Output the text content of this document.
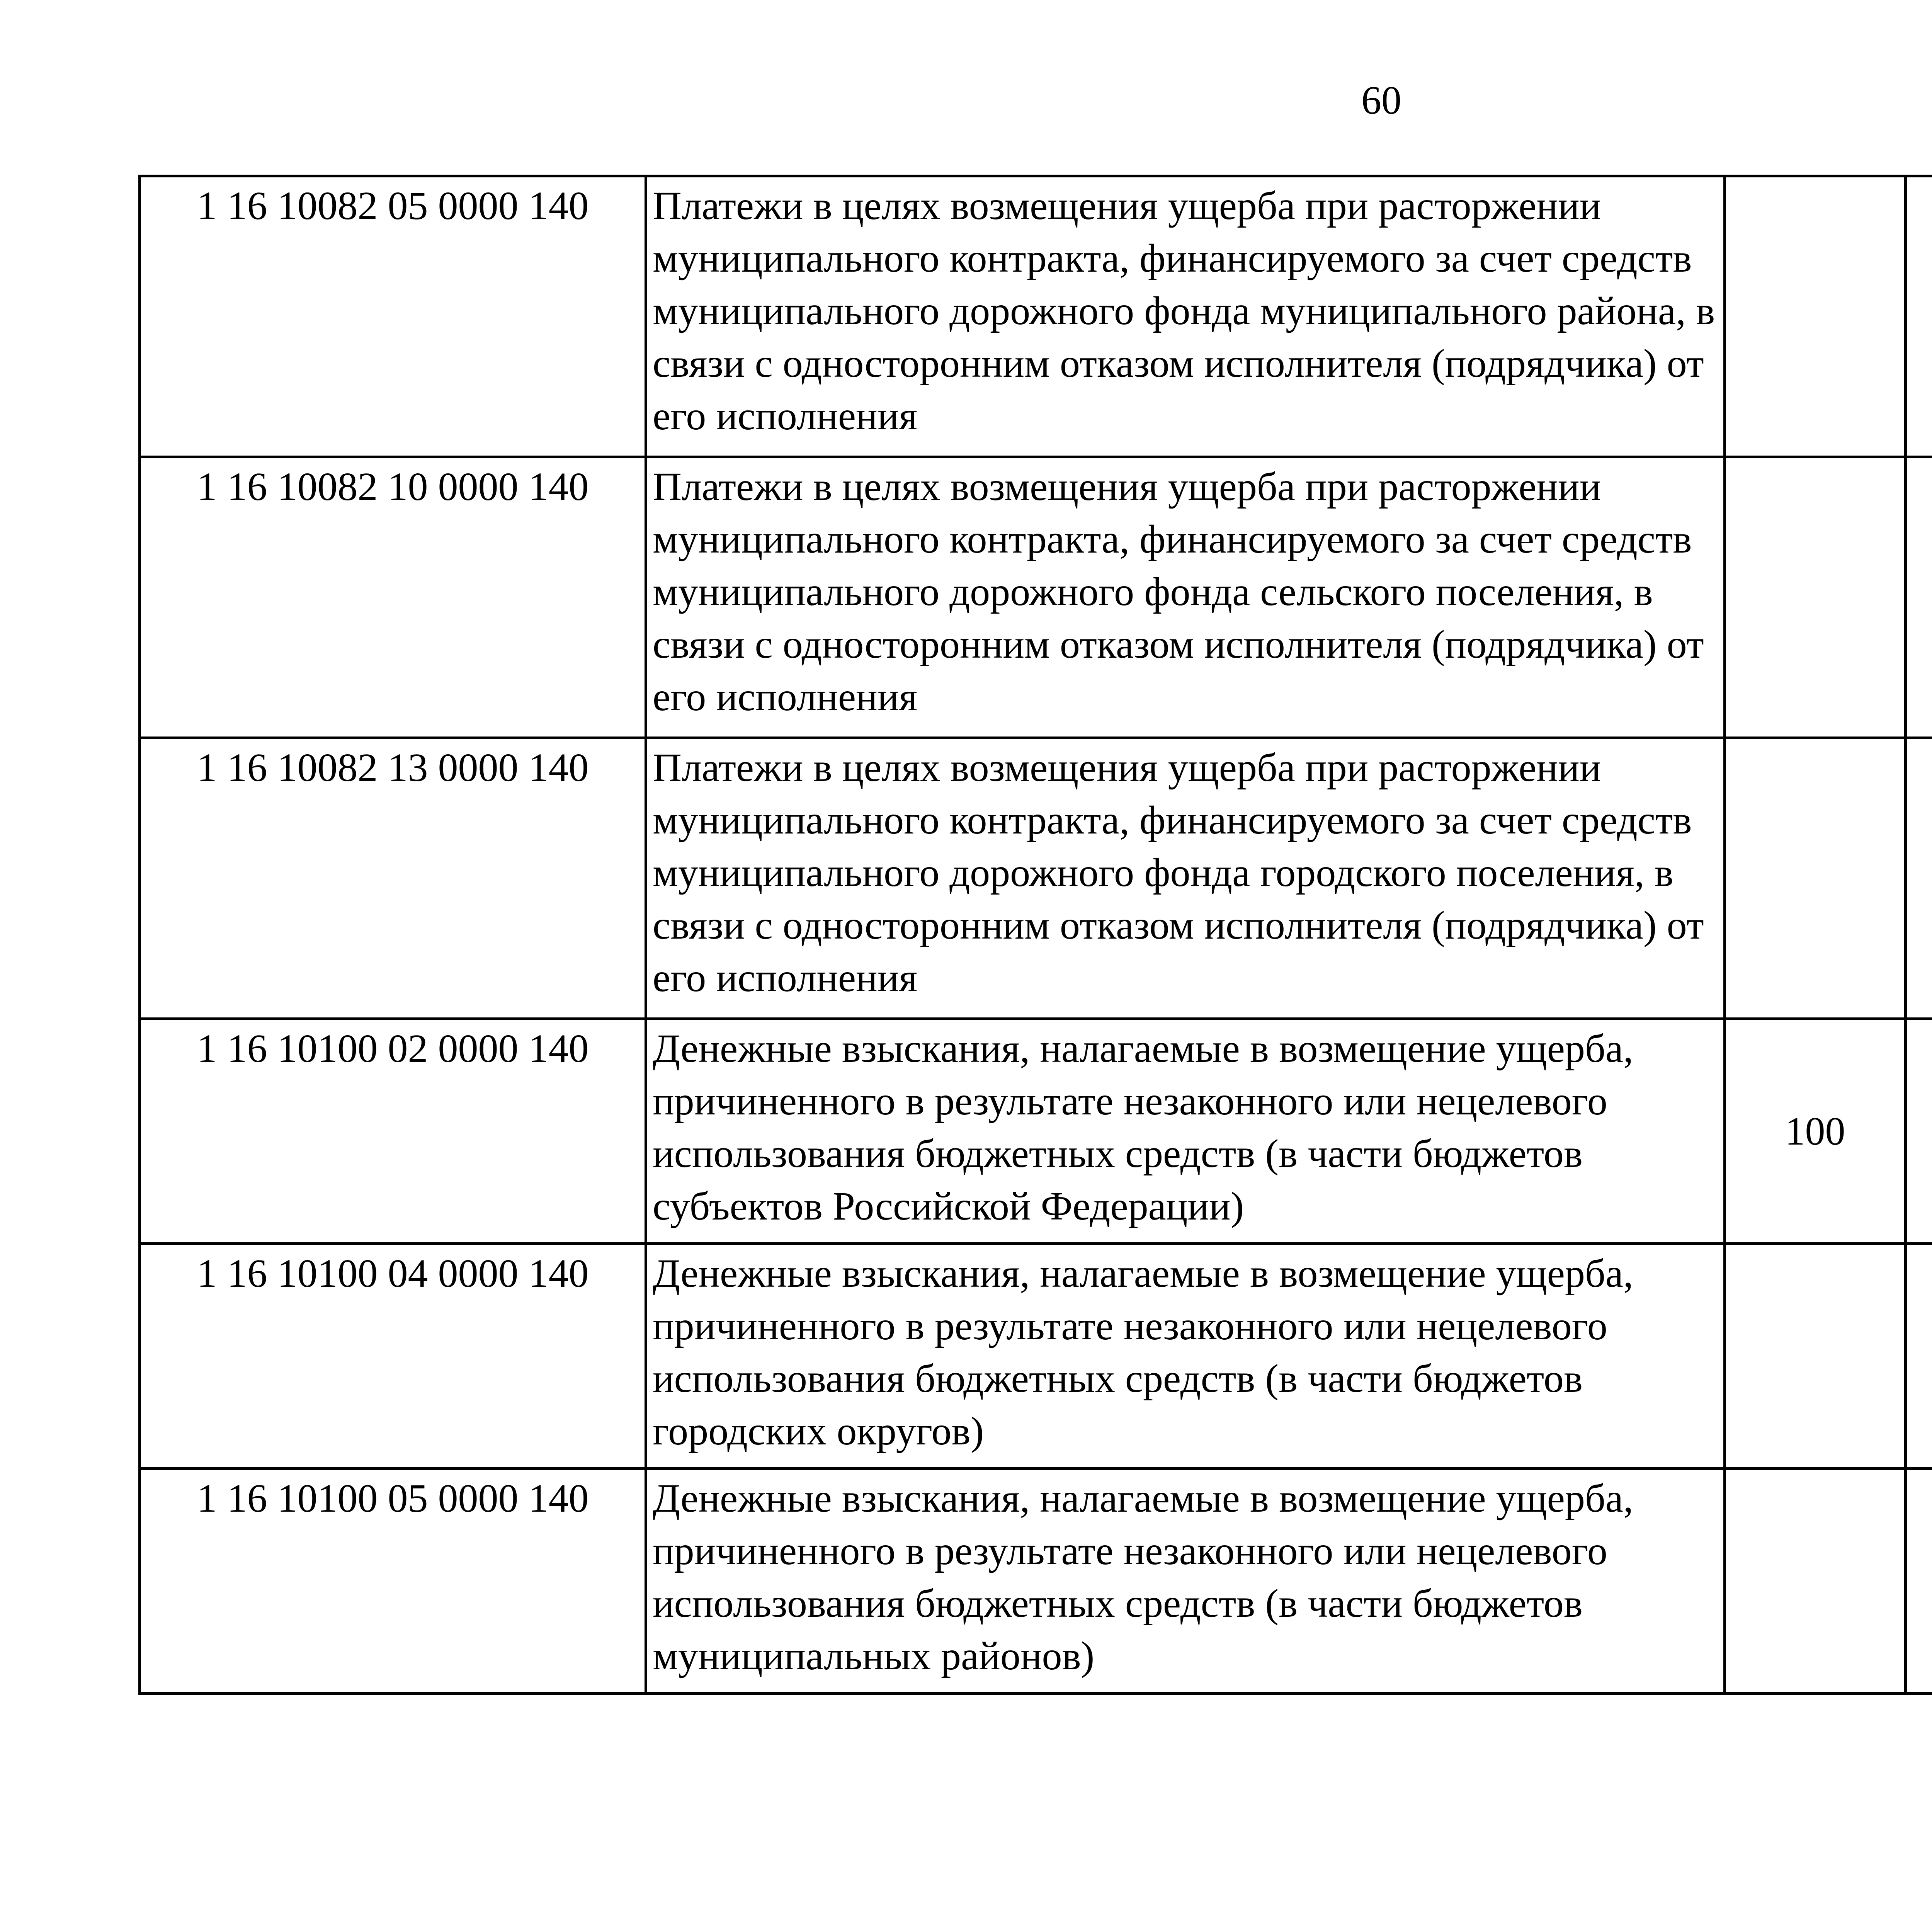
60
1 16 10082 05 0000 140	Платежи в целях возмещения ущерба при расторжении муниципального контракта, финансируемого за счет средств муниципального дорожного фонда муниципального района, в связи с односторонним отказом исполнителя (подрядчика) от его исполнения					
1 16 10082 10 0000 140	Платежи в целях возмещения ущерба при расторжении муниципального контракта, финансируемого за счет средств муниципального дорожного фонда сельского поселения, в связи с односторонним отказом исполнителя (подрядчика) от его исполнения					
1 16 10082 13 0000 140	Платежи в целях возмещения ущерба при расторжении муниципального контракта, финансируемого за счет средств муниципального дорожного фонда городского поселения, в связи с односторонним отказом исполнителя (подрядчика) от его исполнения					
1 16 10100 02 0000 140	Денежные взыскания, налагаемые в возмещение ущерба, причиненного в результате незаконного или нецелевого использования бюджетных средств (в части бюджетов субъектов Российской Федерации)	100				
1 16 10100 04 0000 140	Денежные взыскания, налагаемые в возмещение ущерба, причиненного в результате незаконного или нецелевого использования бюджетных средств (в части бюджетов городских округов)					
1 16 10100 05 0000 140	Денежные взыскания, налагаемые в возмещение ущерба, причиненного в результате незаконного или нецелевого использования бюджетных средств (в части бюджетов муниципальных районов)					
